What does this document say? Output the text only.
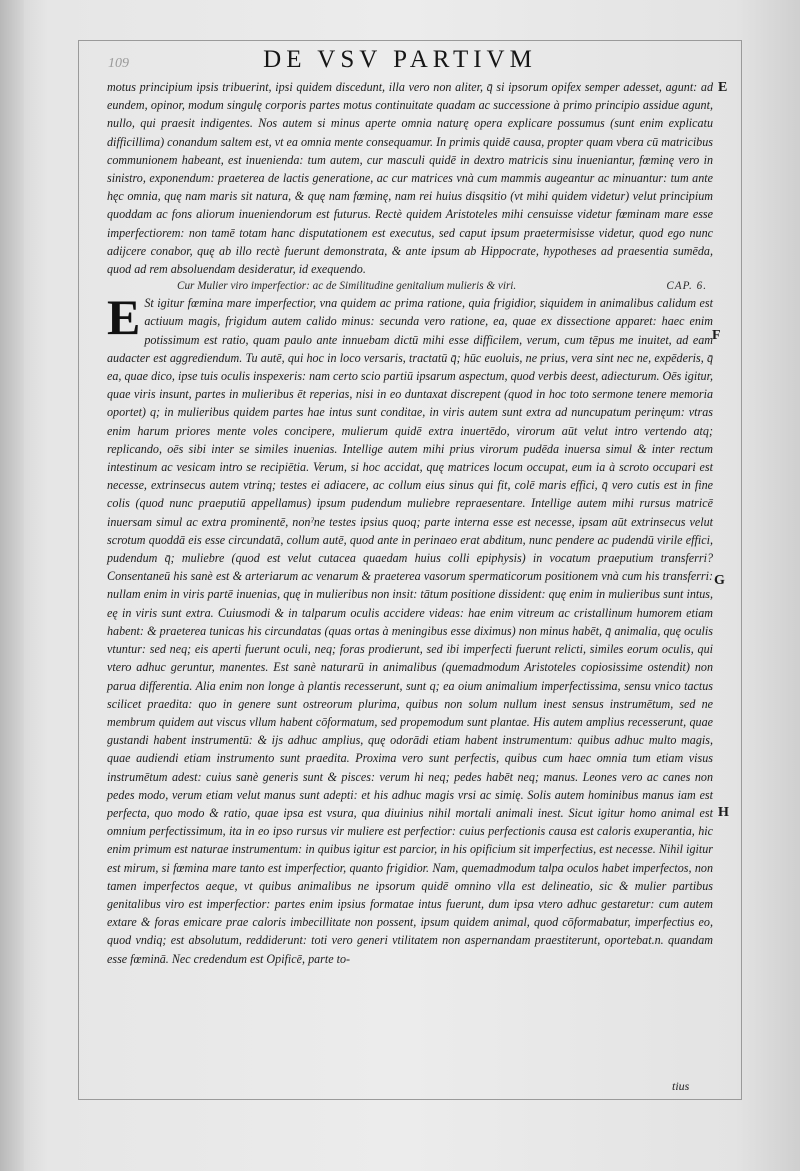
109	DE VSV PARTIVM

motus principium ipsis tribuerint, ipsi quidem discedunt, illa vero non aliter, q̄ si ipsorum opifex semper adesset, agunt: ad eundem, opinor, modum singulę corporis partes motus continuitate quadam ac successione à primo principio assidue agunt, nullo, qui praesit indigentes. Nos autem si minus aperte omnia naturę opera explicare possumus (sunt enim explicatu difficillima) conandum saltem est, vt ea omnia mente consequamur. In primis quidē causa, propter quam vbera cū matricibus communionem habeant, est inuenienda: tum autem, cur masculi quidē in dextro matricis sinu inueniantur, fœminę vero in sinistro, exponendum: praeterea de lactis generatione, ac cur matrices vnà cum mammis augeantur ac minuantur: tum ante hęc omnia, quę nam maris sit natura, & quę nam fœminę, nam rei huius disqsitio (vt mihi quidem videtur) velut principium quoddam ac fons aliorum inueniendorum est futurus. Rectè quidem Aristoteles mihi censuisse videtur fœminam mare esse imperfectiorem: non tamē totam hanc disputationem est executus, sed caput ipsum praetermisisse videtur, quod ego nunc adijcere conabor, quę ab illo rectè fuerunt demonstrata, & ante ipsum ab Hippocrate, hypotheses ad praesentia sumēda, quod ad rem absoluendam desideratur, id exequendo.

Cur Mulier viro imperfectior: ac de Similitudine genitalium mulieris & viri.	CAP. 6.

E St igitur fœmina mare imperfectior, vna quidem ac prima ratione, quia frigidior, siquidem in animalibus calidum est actiuum magis, frigidum autem calido minus: secunda vero ratione, ea, quae ex dissectione apparet: haec enim potissimum est ratio, quam paulo ante innuebam dictū mihi esse difficilem, verum, cum tēpus me inuitet, ad eam audacter est aggrediendum. Tu autē, qui hoc in loco versaris, tractatū q̄; hūc euoluis, ne prius, vera sint nec ne, expēderis, q̄ ea, quae dico, ipse tuis oculis inspexeris: nam certo scio partiū ipsarum aspectum, quod verbis deest, adiecturum. Oēs igitur, quae viris insunt, partes in mulieribus ēt reperias, nisi in eo duntaxat discrepent (quod in hoc toto sermone tenere memoria oportet) q; in mulieribus quidem partes hae intus sunt conditae, in viris autem sunt extra ad nuncupatum perinęum: vtras enim harum priores mente voles concipere, mulierum quidē extra inuertēdo, virorum aūt velut intro vertendo atq; replicando, oēs sibi inter se similes inuenias. Intellige autem mihi prius virorum pudēda inuersa simul & inter rectum intestinum ac vesicam intro se recipiētia. Verum, si hoc accidat, quę matrices locum occupat, eum ia à scroto occupari est necesse, extrinsecus autem vtrinq; testes ei adiacere, ac collum eius sinus qui fit, colē maris effici, q̄ vero cutis est in fine colis (quod nunc praeputiū appellamus) ipsum pudendum muliebre repraesentare. Intellige autem mihi rursus matricē inuersam simul ac extra prominentē, nonˀne testes ipsius quoq; parte interna esse est necesse, ipsam aūt extrinsecus velut scrotum quoddā eis esse circundatā, collum autē, quod ante in perinaeo erat abditum, nunc pendere ac pudendū virile effici, pudendum q̄; muliebre (quod est velut cutacea quaedam huius colli epiphysis) in vocatum praeputium transferri? Consentaneū his sanè est & arteriarum ac venarum & praeterea vasorum spermaticorum positionem vnà cum his transferri: nullam enim in viris partē inuenias, quę in mulieribus non insit: tātum positione dissident: quę enim in mulieribus sunt intus, eę in viris sunt extra. Cuiusmodi & in talparum oculis accidere videas: hae enim vitreum ac cristallinum humorem etiam habent: & praeterea tunicas his circundatas (quas ortas à meningibus esse diximus) non minus habēt, q̄ animalia, quę oculis vtuntur: sed neq; eis aperti fuerunt oculi, neq; foras prodierunt, sed ibi imperfecti fuerunt relicti, similes eorum oculis, qui vtero adhuc geruntur, manentes. Est sanè naturarū in animalibus (quemadmodum Aristoteles copiosissime ostendit) non parua differentia. Alia enim non longe à plantis recesserunt, sunt q; ea oium animalium imperfectissima, sensu vnico tactus scilicet praedita: quo in genere sunt ostreorum plurima, quibus non solum nullum inest sensus instrumētum, sed ne membrum quidem aut viscus vllum habent cōformatum, sed propemodum sunt plantae. His autem amplius recesserunt, quae gustandi habent instrumentū: & ijs adhuc amplius, quę odorādi etiam habent instrumentum: quibus adhuc multo magis, quae audiendi etiam instrumento sunt praedita. Proxima vero sunt perfectis, quibus cum haec omnia tum etiam visus instrumētum adest: cuius sanè generis sunt & pisces: verum hi neq; pedes habēt neq; manus. Leones vero ac canes non pedes modo, verum etiam velut manus sunt adepti: et his adhuc magis vrsi ac simię. Solis autem hominibus manus iam est perfecta, quo modo & ratio, quae ipsa est vsura, qua diuinius nihil mortali animali inest. Sicut igitur homo animal est omnium perfectissimum, ita in eo ipso rursus vir muliere est perfectior: cuius perfectionis causa est caloris exuperantia, hic enim primum est naturae instrumentum: in quibus igitur est parcior, in his opificium sit imperfectius, est necesse. Nihil igitur est mirum, si fœmina mare tanto est imperfectior, quanto frigidior. Nam, quemadmodum talpa oculos habet imperfectos, non tamen imperfectos aeque, vt quibus animalibus ne ipsorum quidē omnino vlla est delineatio, sic & mulier partibus genitalibus viro est imperfectior: partes enim ipsius formatae intus fuerunt, dum ipsa vtero adhuc gestaretur: cum autem extare & foras emicare prae caloris imbecillitate non possent, ipsum quidem animal, quod cōformabatur, imperfectius eo, quod vndiq; est absolutum, reddiderunt: toti vero generi vtilitatem non aspernandam praestiterunt, oportebat.n. quandam esse fœminā. Nec credendum est Opificē, parte to-

E
F
G
H
tius
